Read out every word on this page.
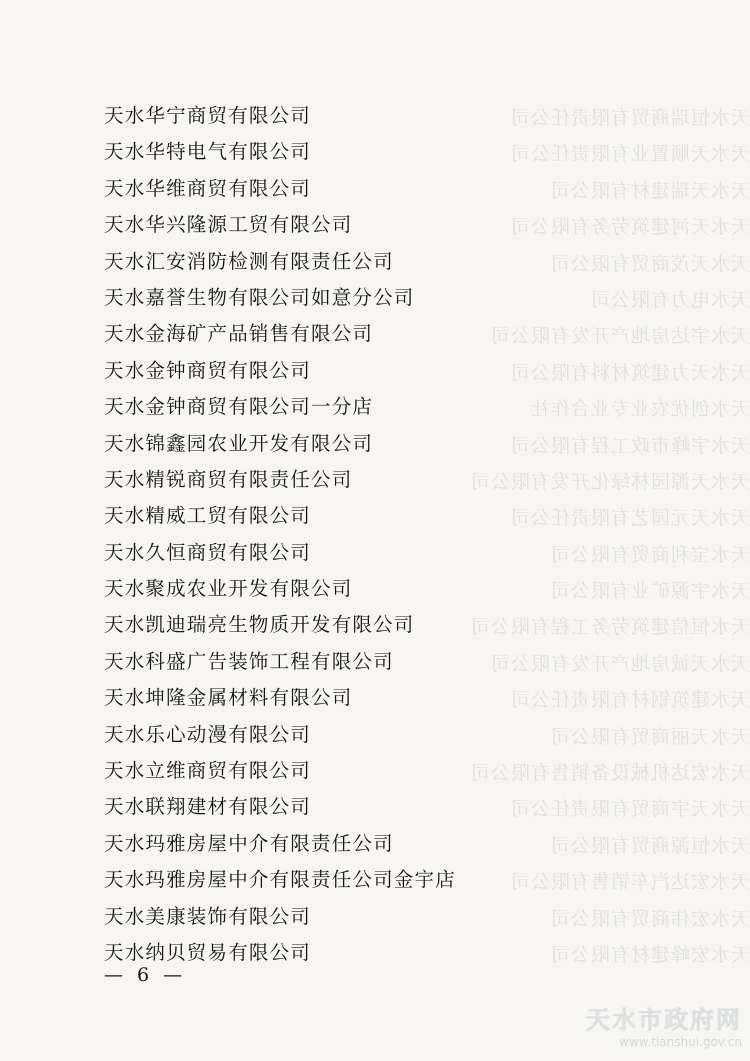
天水恒瑞商贸有限责任公司
天水天顺置业有限责任公司
天水天瑞建材有限公司
天水天河建筑劳务有限公司
天水天茂商贸有限公司
天水电力有限公司
天水宇达房地产开发有限公司
天水天力建筑材料有限公司
天水创优农业专业合作社
天水宇峰市政工程有限公司
天水天源园林绿化开发有限公司
天水天元园艺有限责任公司
天水宝利商贸有限公司
天水宇源矿业有限公司
天水恒信建筑劳务工程有限公司
天水天诚房地产开发有限公司
天水建筑钢材有限责任公司
天水天丽商贸有限公司
天水宏达机械设备销售有限公司
天水天宇商贸有限责任公司
天水恒源商贸有限公司
天水宏达汽车销售有限公司
天水宏伟商贸有限公司
天水宏峰建材有限公司
天水华宁商贸有限公司
天水华特电气有限公司
天水华维商贸有限公司
天水华兴隆源工贸有限公司
天水汇安消防检测有限责任公司
天水嘉誉生物有限公司如意分公司
天水金海矿产品销售有限公司
天水金钟商贸有限公司
天水金钟商贸有限公司一分店
天水锦鑫园农业开发有限公司
天水精锐商贸有限责任公司
天水精威工贸有限公司
天水久恒商贸有限公司
天水聚成农业开发有限公司
天水凯迪瑞亮生物质开发有限公司
天水科盛广告装饰工程有限公司
天水坤隆金属材料有限公司
天水乐心动漫有限公司
天水立维商贸有限公司
天水联翔建材有限公司
天水玛雅房屋中介有限责任公司
天水玛雅房屋中介有限责任公司金宇店
天水美康装饰有限公司
天水纳贝贸易有限公司
— 6 —
天水市政府网
www.tianshui.gov.cn
